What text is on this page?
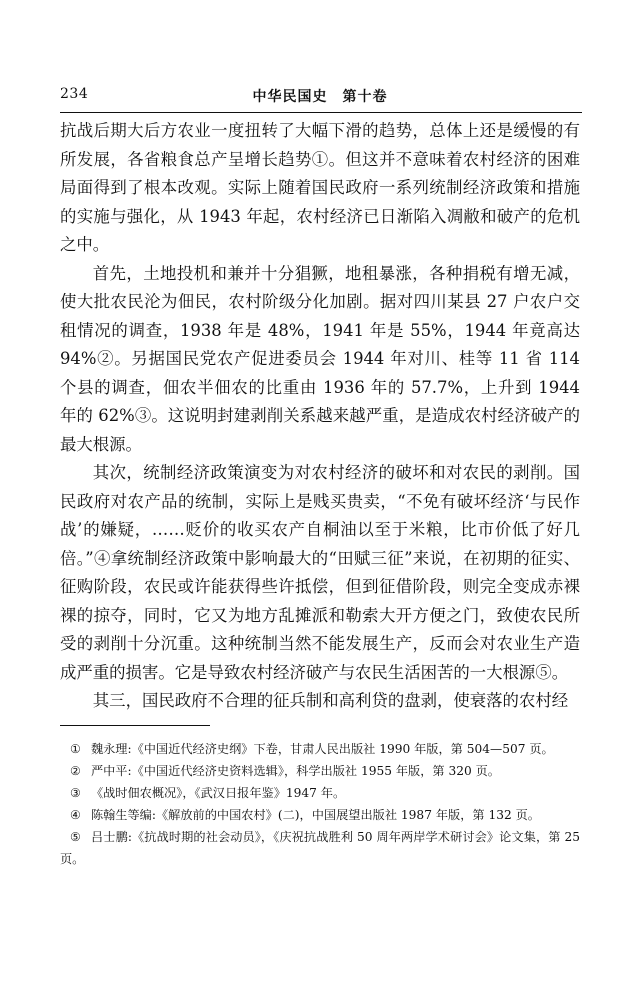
234	中华民国史　第十卷

抗战后期大后方农业一度扭转了大幅下滑的趋势，总体上还是缓慢的有所发展，各省粮食总产呈增长趋势①。但这并不意味着农村经济的困难局面得到了根本改观。实际上随着国民政府一系列统制经济政策和措施的实施与强化，从 1943 年起，农村经济已日渐陷入凋敝和破产的危机之中。

首先，土地投机和兼并十分猖獗，地租暴涨，各种捐税有增无减，使大批农民沦为佃民，农村阶级分化加剧。据对四川某县 27 户农户交租情况的调查，1938 年是 48%，1941 年是 55%，1944 年竟高达 94%②。另据国民党农产促进委员会 1944 年对川、桂等 11 省 114 个县的调查，佃农半佃农的比重由 1936 年的 57.7%，上升到 1944 年的 62%③。这说明封建剥削关系越来越严重，是造成农村经济破产的最大根源。

其次，统制经济政策演变为对农村经济的破坏和对农民的剥削。国民政府对农产品的统制，实际上是贱买贵卖，“不免有破坏经济‘与民作战’的嫌疑，……贬价的收买农产自桐油以至于米粮，比市价低了好几倍。”④拿统制经济政策中影响最大的“田赋三征”来说，在初期的征实、征购阶段，农民或许能获得些许抵偿，但到征借阶段，则完全变成赤裸裸的掠夺，同时，它又为地方乱摊派和勒索大开方便之门，致使农民所受的剥削十分沉重。这种统制当然不能发展生产，反而会对农业生产造成严重的损害。它是导致农村经济破产与农民生活困苦的一大根源⑤。

其三，国民政府不合理的征兵制和高利贷的盘剥，使衰落的农村经

① 魏永理:《中国近代经济史纲》下卷，甘肃人民出版社 1990 年版，第 504—507 页。

② 严中平:《中国近代经济史资料选辑》，科学出版社 1955 年版，第 320 页。

③ 《战时佃农概况》，《武汉日报年鉴》1947 年。

④ 陈翰生等编:《解放前的中国农村》(二)，中国展望出版社 1987 年版，第 132 页。

⑤ 吕士鹏:《抗战时期的社会动员》，《庆祝抗战胜利 50 周年两岸学术研讨会》论文集，第 25 页。
